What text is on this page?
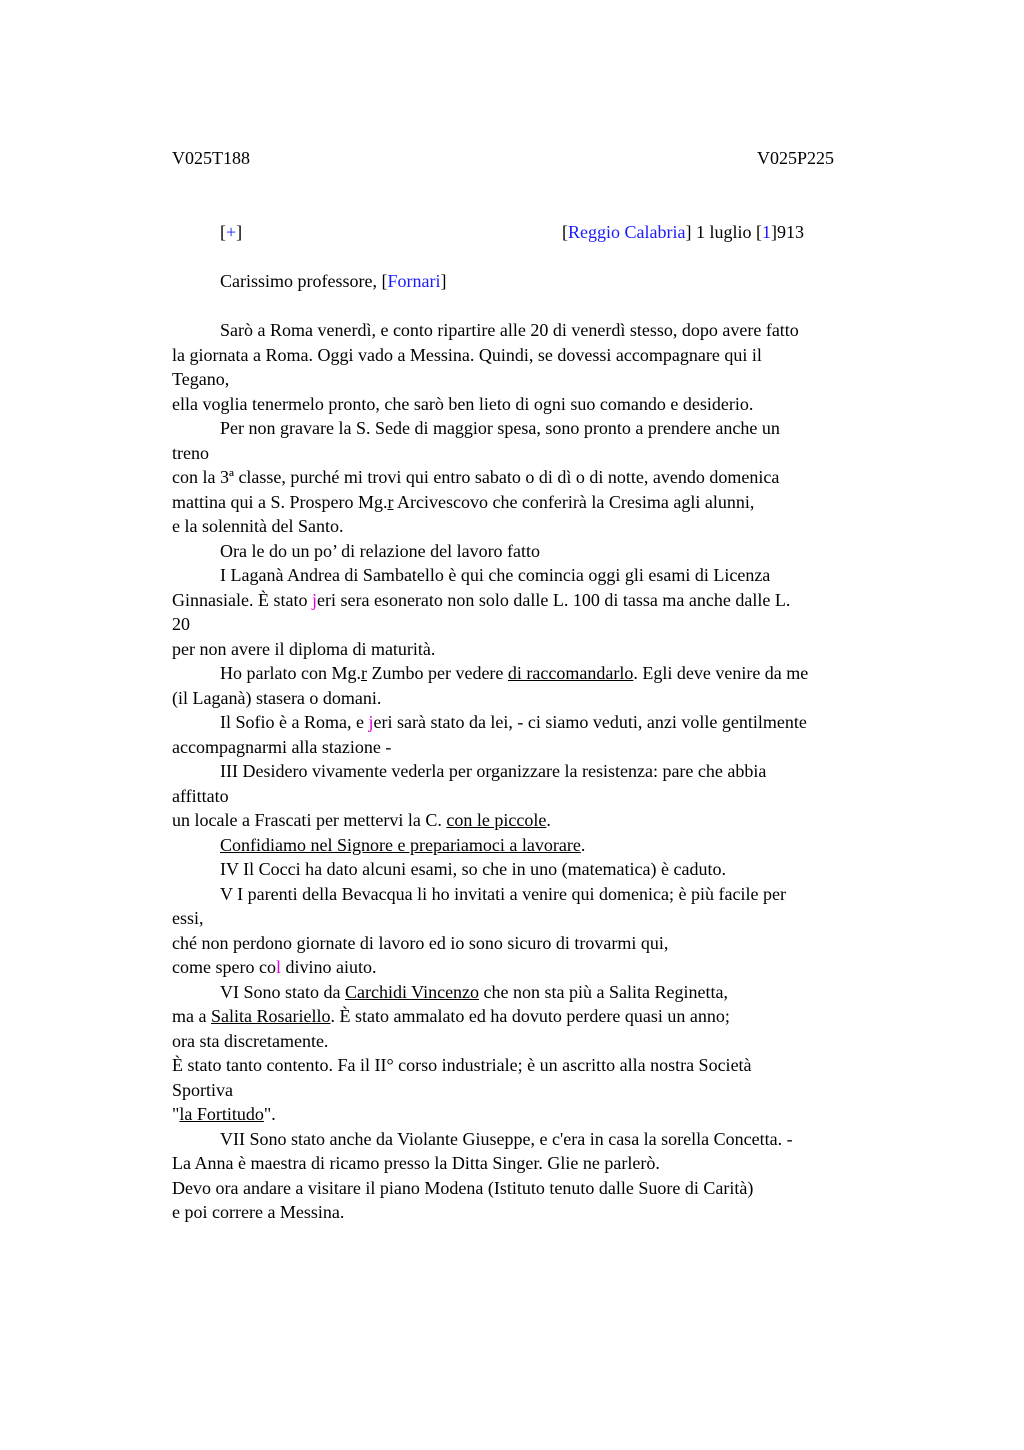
V025T188	V025P225
[+]	[Reggio Calabria] 1 luglio [1]913
Carissimo professore, [Fornari]
Sarò a Roma venerdì, e conto ripartire alle 20 di venerdì stesso, dopo avere fatto
la giornata a Roma. Oggi vado a Messina. Quindi, se dovessi accompagnare qui il
Tegano,
ella voglia tenermelo pronto, che sarò ben lieto di ogni suo comando e desiderio.
Per non gravare la S. Sede di maggior spesa, sono pronto a prendere anche un
treno
con la 3ª classe, purché mi trovi qui entro sabato o di dì o di notte, avendo domenica
mattina qui a S. Prospero Mg.r Arcivescovo che conferirà la Cresima agli alunni,
e la solennità del Santo.
Ora le do un po’ di relazione del lavoro fatto
I Laganà Andrea di Sambatello è qui che comincia oggi gli esami di Licenza
Ginnasiale. È stato jeri sera esonerato non solo dalle L. 100 di tassa ma anche dalle L.
20
per non avere il diploma di maturità.
Ho parlato con Mg.r Zumbo per vedere di raccomandarlo. Egli deve venire da me
(il Laganà) stasera o domani.
Il Sofio è a Roma, e jeri sarà stato da lei, - ci siamo veduti, anzi volle gentilmente
accompagnarmi alla stazione -
III Desidero vivamente vederla per organizzare la resistenza: pare che abbia
affittato
un locale a Frascati per mettervi la C. con le piccole.
Confidiamo nel Signore e prepariamoci a lavorare.
IV Il Cocci ha dato alcuni esami, so che in uno (matematica) è caduto.
V I parenti della Bevacqua li ho invitati a venire qui domenica; è più facile per
essi,
ché non perdono giornate di lavoro ed io sono sicuro di trovarmi qui,
come spero col divino aiuto.
VI Sono stato da Carchidi Vincenzo che non sta più a Salita Reginetta,
ma a Salita Rosariello. È stato ammalato ed ha dovuto perdere quasi un anno;
ora sta discretamente.
È stato tanto contento. Fa il II° corso industriale; è un ascritto alla nostra Società
Sportiva
"la Fortitudo".
VII Sono stato anche da Violante Giuseppe, e c'era in casa la sorella Concetta. -
La Anna è maestra di ricamo presso la Ditta Singer. Glie ne parlerò.
Devo ora andare a visitare il piano Modena (Istituto tenuto dalle Suore di Carità)
e poi correre a Messina.
